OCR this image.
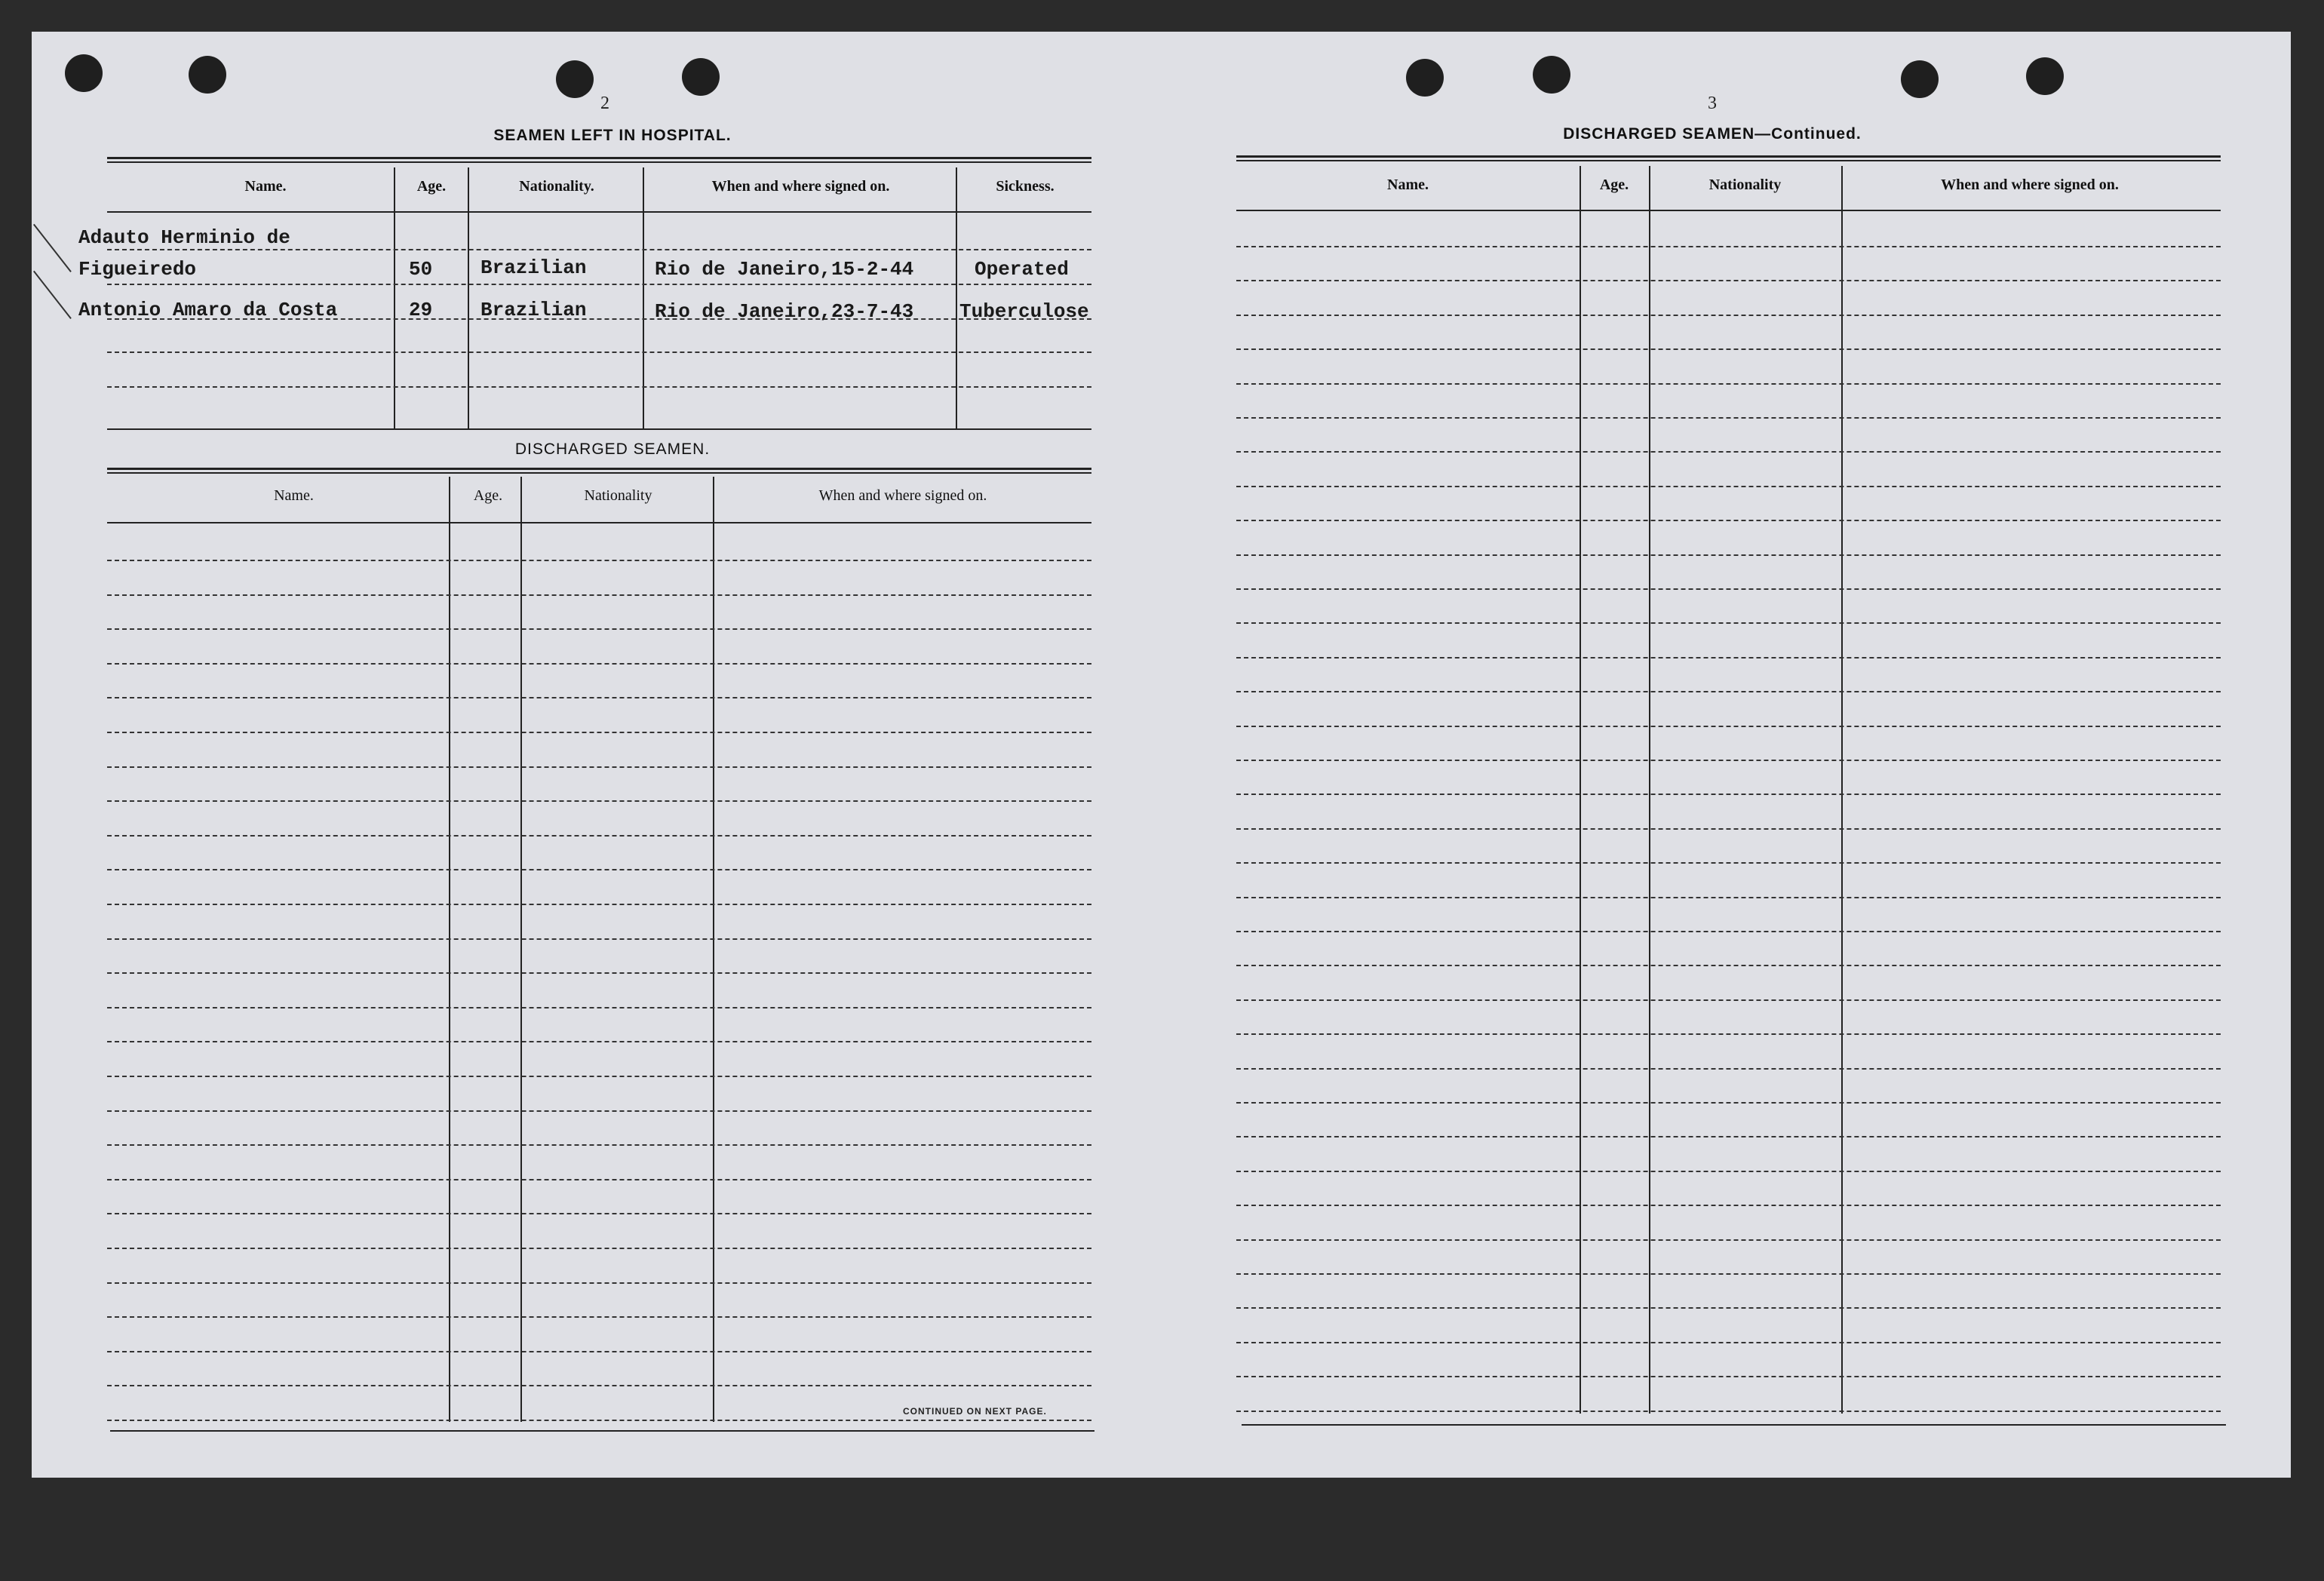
2
SEAMEN LEFT IN HOSPITAL.
Name.	Age.	Nationality.	When and where signed on.	Sickness.
Adauto Herminio de
Figueiredo	50 Brazilian	Rio de Janeiro,15-2-44	Operated
Antonio Amaro da Costa	29 Brazilian	Rio de Janeiro,23-7-43 Tuberculose
DISCHARGED SEAMEN.
Name.	Age.	Nationality	When and where signed on.
CONTINUED ON NEXT PAGE.
3
DISCHARGED SEAMEN—Continued.
Name.	Age.	Nationality	When and where signed on.
